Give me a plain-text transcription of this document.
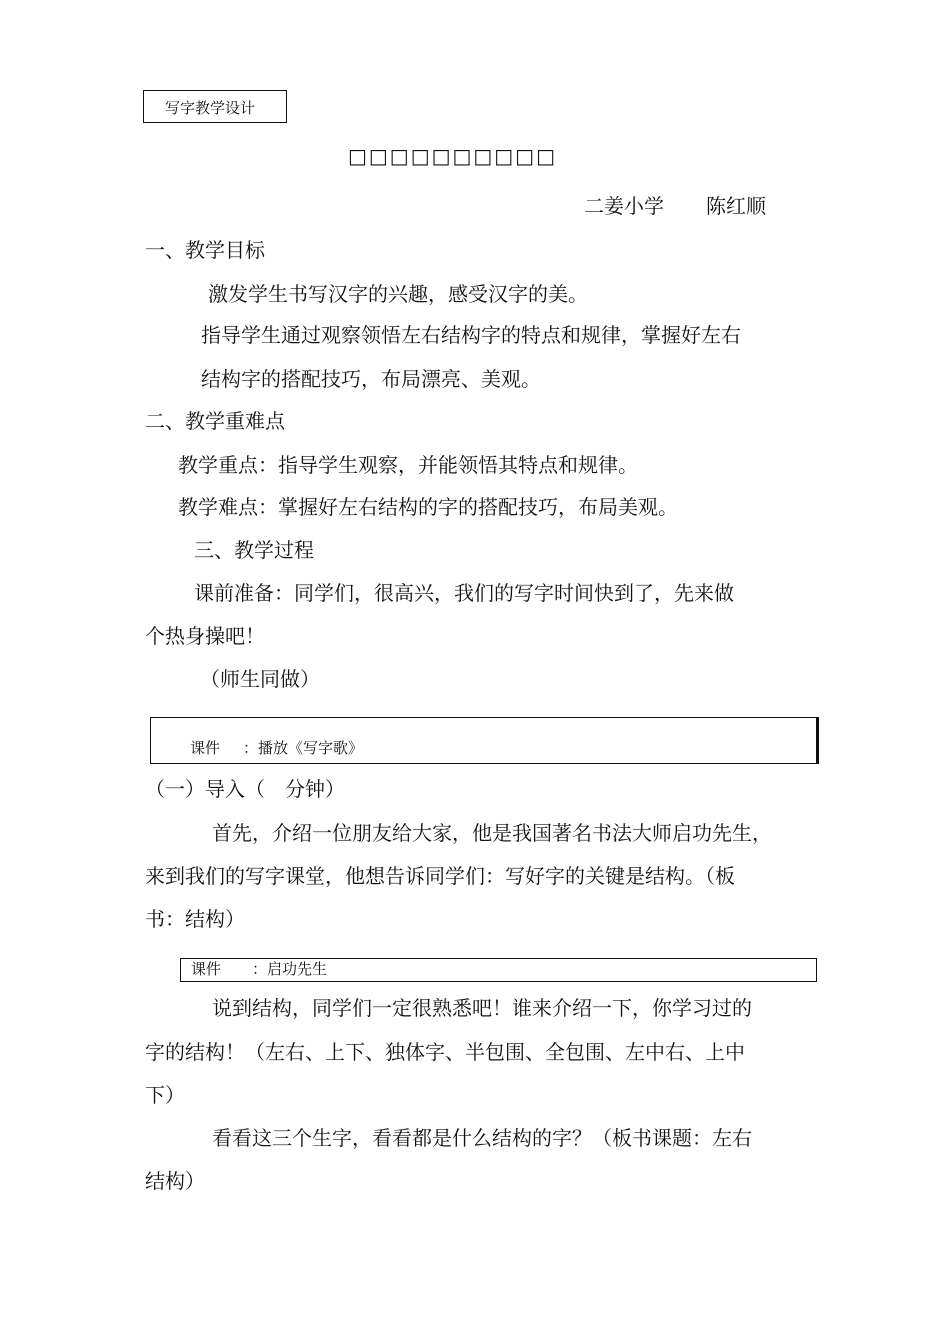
写字教学设计
□□□□□□□□□□
二姜小学 陈红顺
一、教学目标
激发学生书写汉字的兴趣，感受汉字的美。
指导学生通过观察领悟左右结构字的特点和规律，掌握好左右
结构字的搭配技巧，布局漂亮、美观。
二、教学重难点
教学重点：指导学生观察，并能领悟其特点和规律。
教学难点：掌握好左右结构的字的搭配技巧，布局美观。
三、教学过程
课前准备：同学们，很高兴，我们的写字时间快到了，先来做
个热身操吧！
（师生同做）
课件 ：播放《写字歌》
（一）导入（　分钟）
首先，介绍一位朋友给大家，他是我国著名书法大师启功先生，
来到我们的写字课堂，他想告诉同学们：写好字的关键是结构。（板
书：结构）
课件 ：启功先生
说到结构，同学们一定很熟悉吧！谁来介绍一下，你学习过的
字的结构！（左右、上下、独体字、半包围、全包围、左中右、上中
下）
看看这三个生字，看看都是什么结构的字？（板书课题：左右
结构）
